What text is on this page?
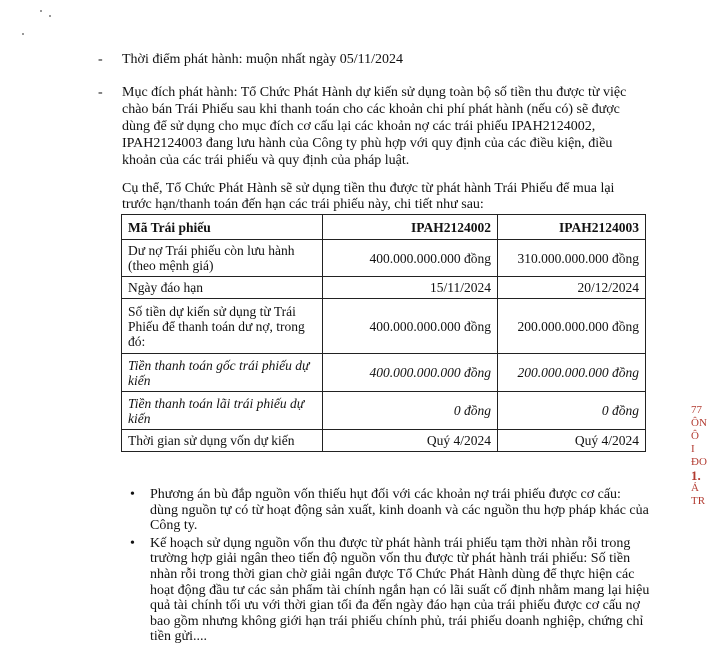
- Thời điểm phát hành: muộn nhất ngày 05/11/2024
- Mục đích phát hành: Tổ Chức Phát Hành dự kiến sử dụng toàn bộ số tiền thu được từ việc chào bán Trái Phiếu sau khi thanh toán cho các khoản chi phí phát hành (nếu có) sẽ được dùng để sử dụng cho mục đích cơ cấu lại các khoản nợ các trái phiếu IPAH2124002, IPAH2124003 đang lưu hành của Công ty phù hợp với quy định của các điều kiện, điều khoản của các trái phiếu và quy định của pháp luật.
Cụ thể, Tổ Chức Phát Hành sẽ sử dụng tiền thu được từ phát hành Trái Phiếu để mua lại trước hạn/thanh toán đến hạn các trái phiếu này, chi tiết như sau:
Mã Trái phiếu	IPAH2124002	IPAH2124003
Dư nợ Trái phiếu còn lưu hành (theo mệnh giá)	400.000.000.000 đồng	310.000.000.000 đồng
Ngày đáo hạn	15/11/2024	20/12/2024
Số tiền dự kiến sử dụng từ Trái Phiếu để thanh toán dư nợ, trong đó:	400.000.000.000 đồng	200.000.000.000 đồng
Tiền thanh toán gốc trái phiếu dự kiến	400.000.000.000 đồng	200.000.000.000 đồng
Tiền thanh toán lãi trái phiếu dự kiến	0 đồng	0 đồng
Thời gian sử dụng vốn dự kiến	Quý 4/2024	Quý 4/2024
• Phương án bù đắp nguồn vốn thiếu hụt đối với các khoản nợ trái phiếu được cơ cấu: dùng nguồn tự có từ hoạt động sản xuất, kinh doanh và các nguồn thu hợp pháp khác của Công ty.
• Kế hoạch sử dụng nguồn vốn thu được từ phát hành trái phiếu tạm thời nhàn rỗi trong trường hợp giải ngân theo tiến độ nguồn vốn thu được từ phát hành trái phiếu: Số tiền nhàn rỗi trong thời gian chờ giải ngân được Tổ Chức Phát Hành dùng để thực hiện các hoạt động đầu tư các sản phẩm tài chính ngắn hạn có lãi suất cố định nhằm mang lại hiệu quả tài chính tối ưu với thời gian tối đa đến ngày đáo hạn của trái phiếu được cơ cấu nợ bao gồm nhưng không giới hạn trái phiếu chính phủ, trái phiếu doanh nghiệp, chứng chỉ tiền gửi....
77
ÔN
Ô I
ĐO
1.
Ả TR
